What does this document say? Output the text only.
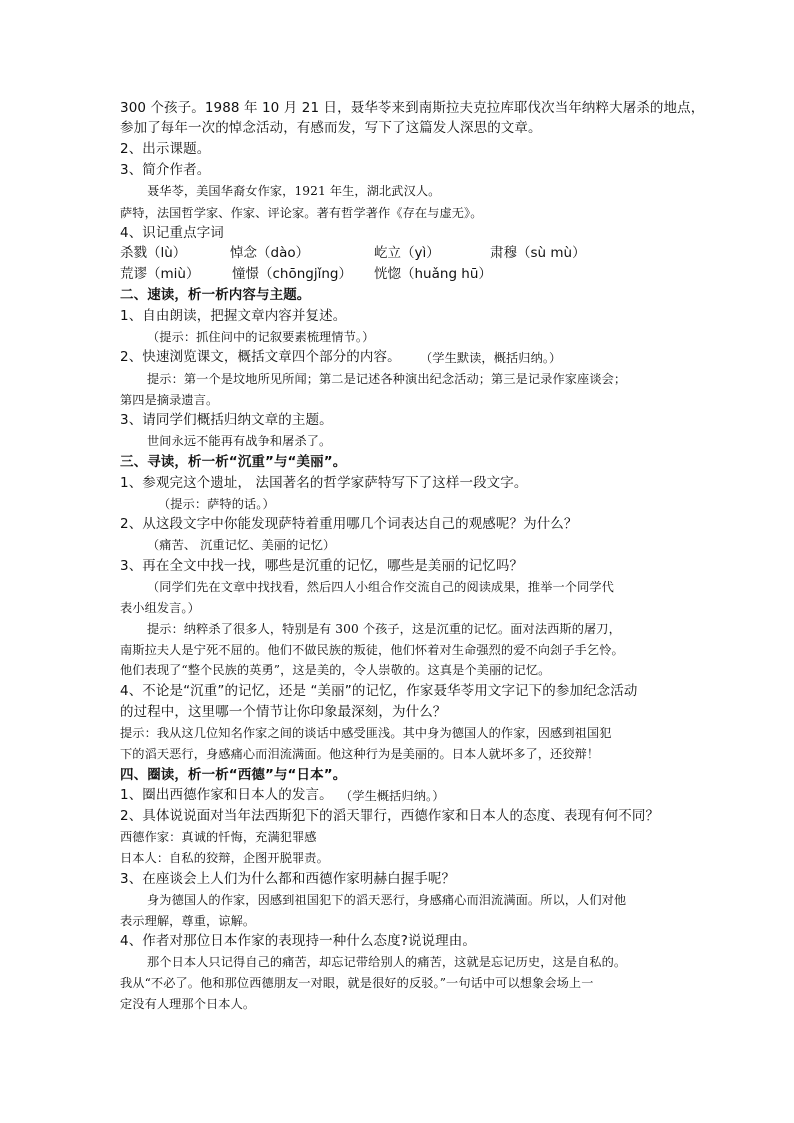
300 个孩子。1988 年 10 月 21 日，聂华苓来到南斯拉夫克拉库耶伐次当年纳粹大屠杀的地点，
参加了每年一次的悼念活动，有感而发，写下了这篇发人深思的文章。
2、出示课题。
3、简介作者。
聂华苓，美国华裔女作家，1921 年生，湖北武汉人。
萨特，法国哲学家、作家、评论家。著有哲学著作《存在与虚无》。
4、识记重点字词
杀戮（lù）	悼念（dào）	屹立（yì）	肃穆（sù mù）
荒谬（miù） 憧憬（chōngjǐng） 恍惚（huǎng hū）
二、速读，析一析内容与主题。
1、自由朗读，把握文章内容并复述。
（提示：抓住问中的记叙要素梳理情节。）
2、快速浏览课文，概括文章四个部分的内容。 （学生默读，概括归纳。）
提示：第一个是坟地所见所闻；第二是记述各种演出纪念活动；第三是记录作家座谈会；
第四是摘录遗言。
3、请同学们概括归纳文章的主题。
世间永远不能再有战争和屠杀了。
三、寻读，析一析“沉重”与“美丽”。
1、参观完这个遗址， 法国著名的哲学家萨特写下了这样一段文字。
（提示：萨特的话。）
2、从这段文字中你能发现萨特着重用哪几个词表达自己的观感呢？为什么？
（痛苦、 沉重记忆、美丽的记忆）
3、再在全文中找一找，哪些是沉重的记忆，哪些是美丽的记忆吗？
（同学们先在文章中找找看，然后四人小组合作交流自己的阅读成果，推举一个同学代
表小组发言。）
提示：纳粹杀了很多人，特别是有 300 个孩子，这是沉重的记忆。面对法西斯的屠刀，
南斯拉夫人是宁死不屈的。他们不做民族的叛徒，他们怀着对生命强烈的爱不向刽子手乞怜。
他们表现了“整个民族的英勇”，这是美的，令人崇敬的。这真是个美丽的记忆。
4、不论是“沉重”的记忆，还是 “美丽”的记忆，作家聂华苓用文字记下的参加纪念活动
的过程中，这里哪一个情节让你印象最深刻，为什么？
提示：我从这几位知名作家之间的谈话中感受匪浅。其中身为德国人的作家，因感到祖国犯
下的滔天恶行，身感痛心而泪流满面。他这种行为是美丽的。日本人就坏多了，还狡辩！
四、圈读，析一析“西德”与“日本”。
1、圈出西德作家和日本人的发言。 （学生概括归纳。）
2、具体说说面对当年法西斯犯下的滔天罪行，西德作家和日本人的态度、表现有何不同？
西德作家：真诚的忏悔，充满犯罪感
日本人：自私的狡辩，企图开脱罪责。
3、在座谈会上人们为什么都和西德作家明赫白握手呢？
身为德国人的作家，因感到祖国犯下的滔天恶行，身感痛心而泪流满面。所以，人们对他
表示理解，尊重，谅解。
4、作者对那位日本作家的表现持一种什么态度?说说理由。
那个日本人只记得自己的痛苦，却忘记带给别人的痛苦，这就是忘记历史，这是自私的。
我从“不必了。他和那位西德朋友一对眼，就是很好的反驳。”一句话中可以想象会场上一
定没有人理那个日本人。
